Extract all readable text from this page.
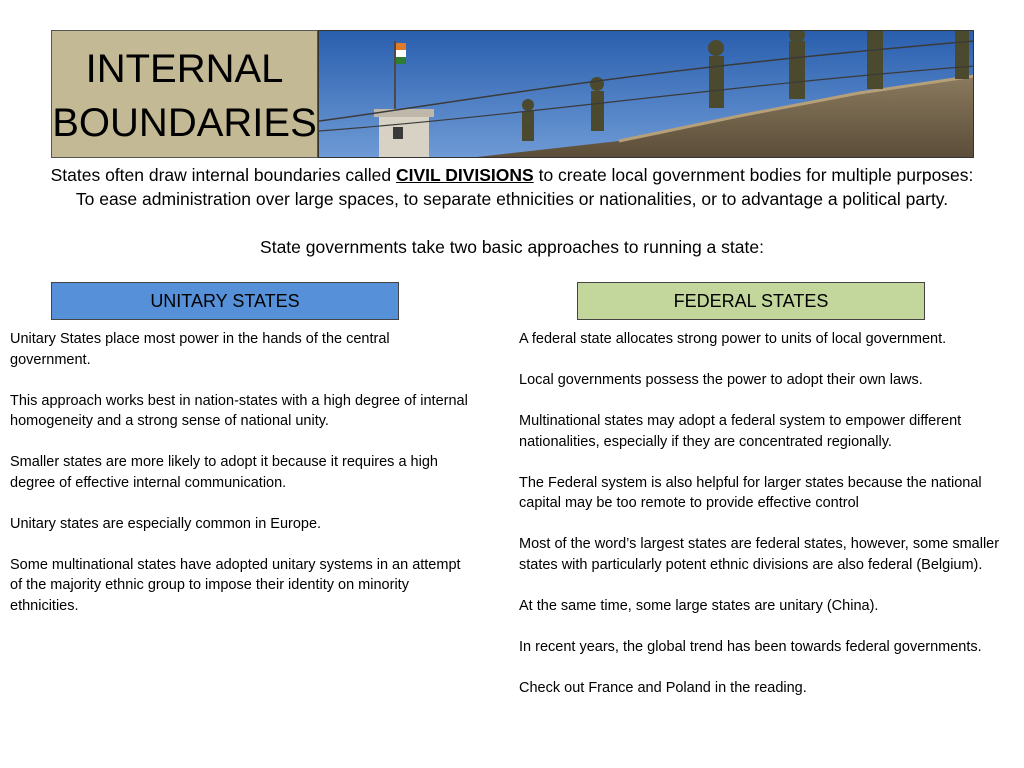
INTERNAL
BOUNDARIES
States often draw internal boundaries called CIVIL DIVISIONS to create local government bodies for multiple purposes:
To ease administration over large spaces, to separate ethnicities or nationalities, or to advantage a political party.
State governments take two basic approaches to running a state:
UNITARY STATES	FEDERAL STATES

Unitary States place most power in the hands of the central government.

This approach works best in nation-states with a high degree of internal homogeneity and a strong sense of national unity.

Smaller states are more likely to adopt it because it requires a high degree of effective internal communication.

Unitary states are especially common in Europe.

Some multinational states have adopted unitary systems in an attempt of the majority ethnic group to impose their identity on minority ethnicities.

A federal state allocates strong power to units of local government.

Local governments possess the power to adopt their own laws.

Multinational states may adopt a federal system to empower different nationalities, especially if they are concentrated regionally.

The Federal system is also helpful for larger states because the national capital may be too remote to provide effective control

Most of the word’s largest states are federal states, however, some smaller states with particularly potent ethnic divisions are also federal (Belgium).

At the same time, some large states are unitary (China).

In recent years, the global trend has been towards federal governments.

Check out France and Poland in the reading.
